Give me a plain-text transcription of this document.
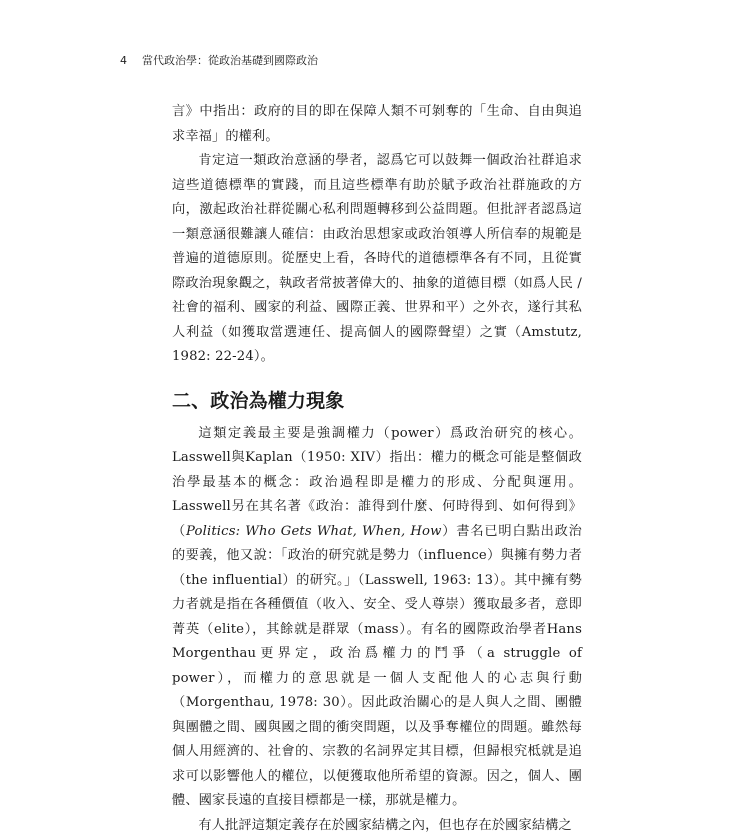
4 當代政治學：從政治基礎到國際政治

言》中指出：政府的目的即在保障人類不可剝奪的「生命、自由與追求幸福」的權利。

肯定這一類政治意涵的學者，認爲它可以鼓舞一個政治社群追求這些道德標準的實踐，而且這些標準有助於賦予政治社群施政的方向，激起政治社群從關心私利問題轉移到公益問題。但批評者認爲這一類意涵很難讓人確信：由政治思想家或政治領導人所信奉的規範是普遍的道德原則。從歷史上看，各時代的道德標準各有不同，且從實際政治現象觀之，執政者常披著偉大的、抽象的道德目標（如爲人民 / 社會的福利、國家的利益、國際正義、世界和平）之外衣，遂行其私人利益（如獲取當選連任、提高個人的國際聲望）之實（Amstutz, 1982: 22-24）。

二、政治為權力現象

這類定義最主要是強調權力（power）爲政治研究的核心。Lasswell與Kaplan（1950: XIV）指出：權力的概念可能是整個政治學最基本的概念：政治過程即是權力的形成、分配與運用。Lasswell另在其名著《政治：誰得到什麼、何時得到、如何得到》（Politics: Who Gets What, When, How）書名已明白點出政治的要義，他又說：「政治的研究就是勢力（influence）與擁有勢力者（the influential）的研究。」（Lasswell, 1963: 13）。其中擁有勢力者就是指在各種價值（收入、安全、受人尊崇）獲取最多者，意即菁英（elite），其餘就是群眾（mass）。有名的國際政治學者Hans Morgenthau更界定，政治爲權力的鬥爭（a struggle of power），而權力的意思就是一個人支配他人的心志與行動（Morgenthau, 1978: 30）。因此政治關心的是人與人之間、團體與團體之間、國與國之間的衝突問題，以及爭奪權位的問題。雖然每個人用經濟的、社會的、宗教的名詞界定其目標，但歸根究柢就是追求可以影響他人的權位，以便獲取他所希望的資源。因之，個人、團體、國家長遠的直接目標都是一樣，那就是權力。

有人批評這類定義存在於國家結構之內，但也存在於國家結構之
